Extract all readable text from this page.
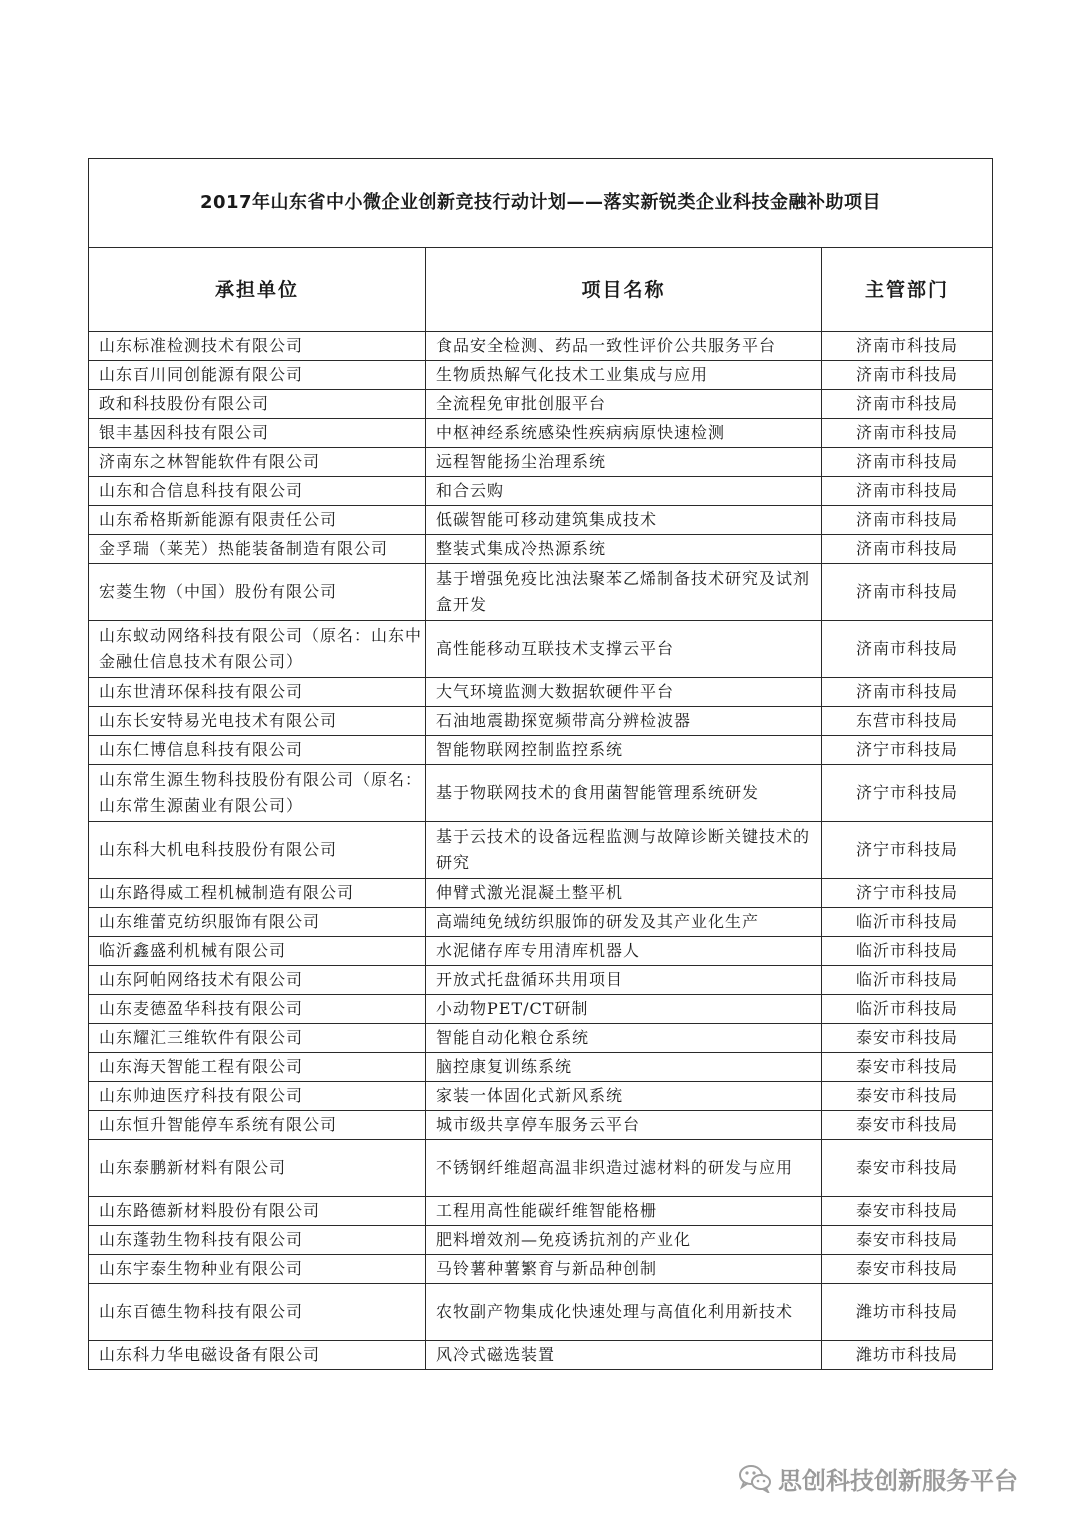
2017年山东省中小微企业创新竞技行动计划——落实新锐类企业科技金融补助项目		
承担单位	项目名称	主管部门
山东标准检测技术有限公司	食品安全检测、药品一致性评价公共服务平台	济南市科技局
山东百川同创能源有限公司	生物质热解气化技术工业集成与应用	济南市科技局
政和科技股份有限公司	全流程免审批创服平台	济南市科技局
银丰基因科技有限公司	中枢神经系统感染性疾病病原快速检测	济南市科技局
济南东之林智能软件有限公司	远程智能扬尘治理系统	济南市科技局
山东和合信息科技有限公司	和合云购	济南市科技局
山东希格斯新能源有限责任公司	低碳智能可移动建筑集成技术	济南市科技局
金孚瑞（莱芜）热能装备制造有限公司	整装式集成冷热源系统	济南市科技局
宏菱生物（中国）股份有限公司	基于增强免疫比浊法聚苯乙烯制备技术研究及试剂盒开发	济南市科技局
山东蚁动网络科技有限公司（原名：山东中金融仕信息技术有限公司）	高性能移动互联技术支撑云平台	济南市科技局
山东世清环保科技有限公司	大气环境监测大数据软硬件平台	济南市科技局
山东长安特易光电技术有限公司	石油地震勘探宽频带高分辨检波器	东营市科技局
山东仁博信息科技有限公司	智能物联网控制监控系统	济宁市科技局
山东常生源生物科技股份有限公司（原名：山东常生源菌业有限公司）	基于物联网技术的食用菌智能管理系统研发	济宁市科技局
山东科大机电科技股份有限公司	基于云技术的设备远程监测与故障诊断关键技术的研究	济宁市科技局
山东路得威工程机械制造有限公司	伸臂式激光混凝土整平机	济宁市科技局
山东维蕾克纺织服饰有限公司	高端纯免绒纺织服饰的研发及其产业化生产	临沂市科技局
临沂鑫盛利机械有限公司	水泥储存库专用清库机器人	临沂市科技局
山东阿帕网络技术有限公司	开放式托盘循环共用项目	临沂市科技局
山东麦德盈华科技有限公司	小动物PET/CT研制	临沂市科技局
山东耀汇三维软件有限公司	智能自动化粮仓系统	泰安市科技局
山东海天智能工程有限公司	脑控康复训练系统	泰安市科技局
山东帅迪医疗科技有限公司	家装一体固化式新风系统	泰安市科技局
山东恒升智能停车系统有限公司	城市级共享停车服务云平台	泰安市科技局
山东泰鹏新材料有限公司	不锈钢纤维超高温非织造过滤材料的研发与应用	泰安市科技局
山东路德新材料股份有限公司	工程用高性能碳纤维智能格栅	泰安市科技局
山东蓬勃生物科技有限公司	肥料增效剂—免疫诱抗剂的产业化	泰安市科技局
山东宇泰生物种业有限公司	马铃薯种薯繁育与新品种创制	泰安市科技局
山东百德生物科技有限公司	农牧副产物集成化快速处理与高值化利用新技术	潍坊市科技局
山东科力华电磁设备有限公司	风冷式磁选装置	潍坊市科技局
思创科技创新服务平台
